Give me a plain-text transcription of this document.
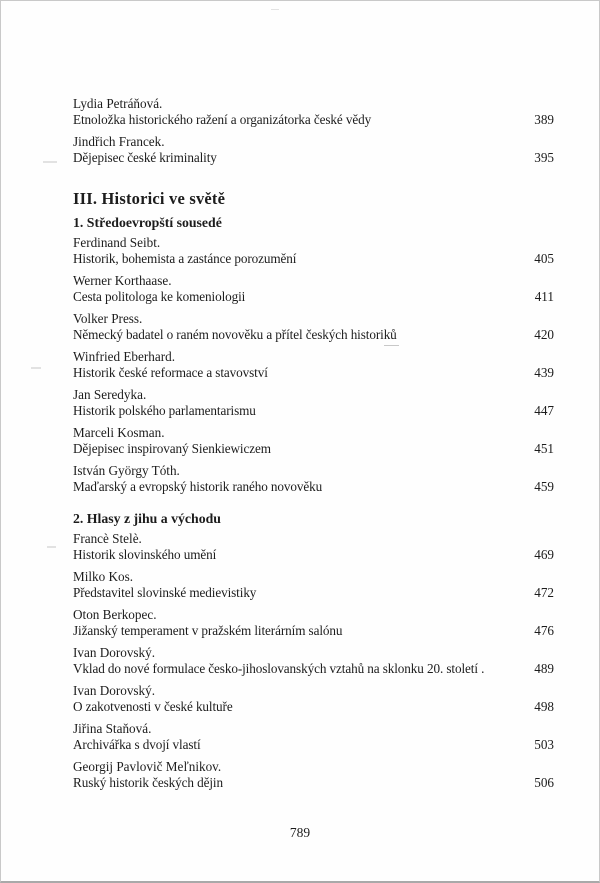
Lydia Petráňová.
Etnoložka historického ražení a organizátorka české vědy	389
Jindřich Francek.
Dějepisec české kriminality	395
III. Historici ve světě
1. Středoevropští sousedé
Ferdinand Seibt.
Historik, bohemista a zastánce porozumění	405
Werner Korthaase.
Cesta politologa ke komeniologii	411
Volker Press.
Německý badatel o raném novověku a přítel českých historiků	420
Winfried Eberhard.
Historik české reformace a stavovství	439
Jan Seredyka.
Historik polského parlamentarismu	447
Marceli Kosman.
Dějepisec inspirovaný Sienkiewiczem	451
István György Tóth.
Maďarský a evropský historik raného novověku	459
2. Hlasy z jihu a východu
Francè Stelè.
Historik slovinského umění	469
Milko Kos.
Představitel slovinské medievistiky	472
Oton Berkopec.
Jižanský temperament v pražském literárním salónu	476
Ivan Dorovský.
Vklad do nové formulace česko-jihoslovanských vztahů na sklonku 20. století .	489
Ivan Dorovský.
O zakotvenosti v české kultuře	498
Jiřina Staňová.
Archivářka s dvojí vlastí	503
Georgij Pavlovič Meľnikov.
Ruský historik českých dějin	506
789
